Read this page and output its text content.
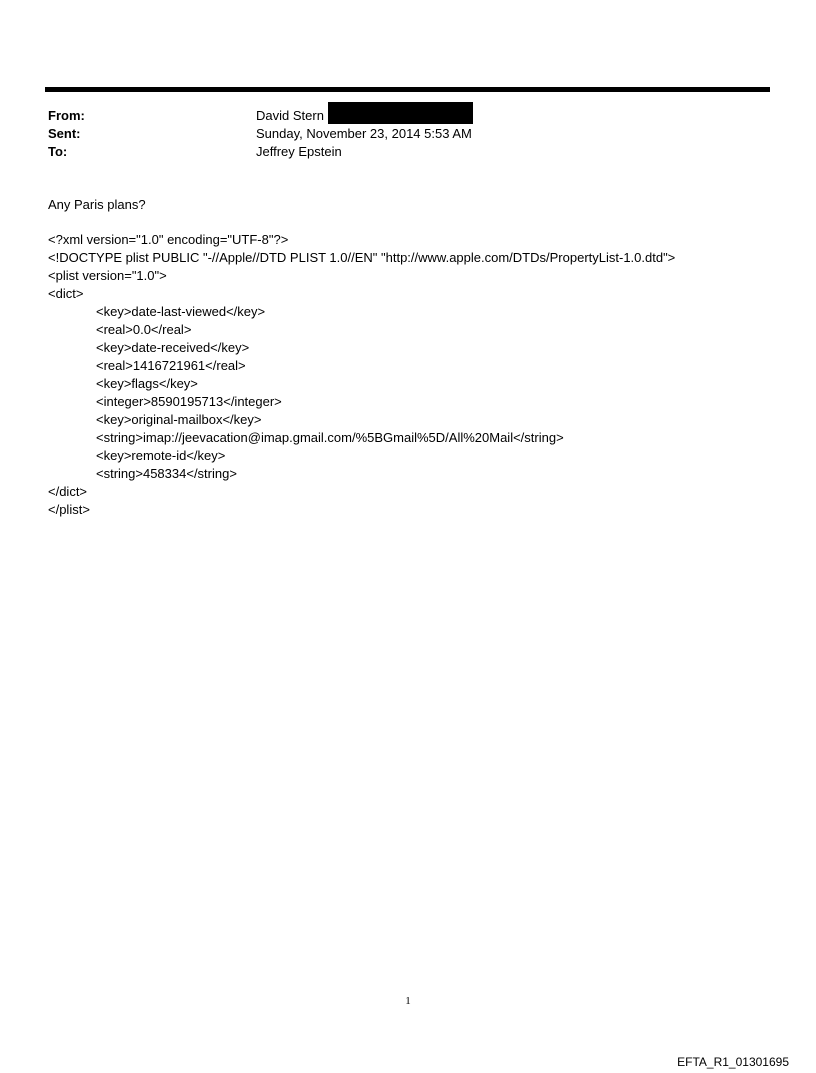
From:	David Stern
Sent:	Sunday, November 23, 2014 5:53 AM
To:	Jeffrey Epstein
Any Paris plans?
<?xml version="1.0" encoding="UTF-8"?>
<!DOCTYPE plist PUBLIC "-//Apple//DTD PLIST 1.0//EN" "http://www.apple.com/DTDs/PropertyList-1.0.dtd">
<plist version="1.0">
<dict>
<key>date-last-viewed</key>
<real>0.0</real>
<key>date-received</key>
<real>1416721961</real>
<key>flags</key>
<integer>8590195713</integer>
<key>original-mailbox</key>
<string>imap://jeevacation@imap.gmail.com/%5BGmail%5D/All%20Mail</string>
<key>remote-id</key>
<string>458334</string>
</dict>
</plist>
1
EFTA_R1_01301695
